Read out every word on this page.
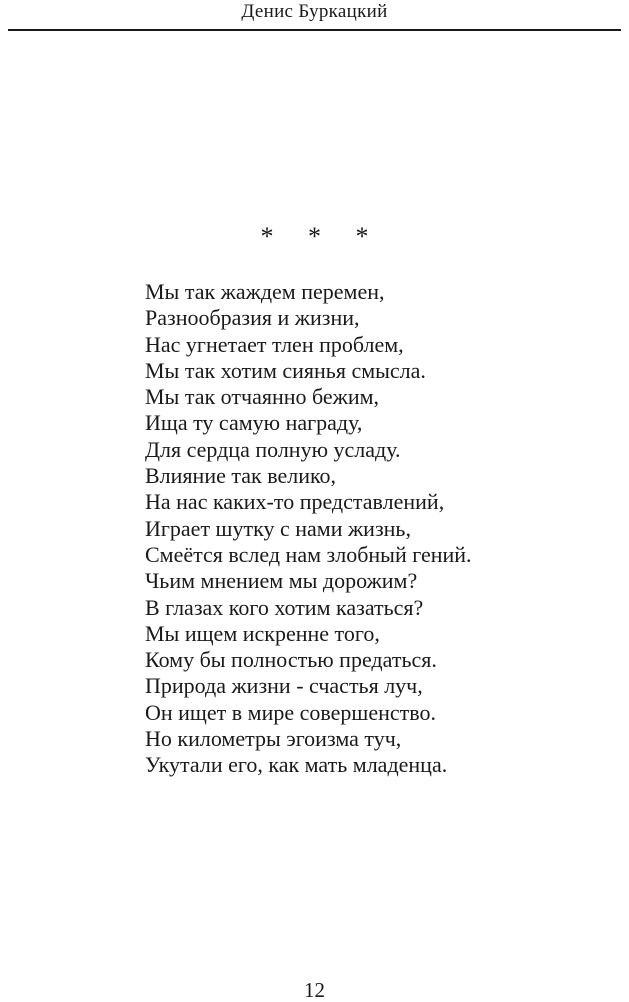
Денис Буркацкий
* * *
Мы так жаждем перемен,
Разнообразия и жизни,
Нас угнетает тлен проблем,
Мы так хотим сиянья смысла.
Мы так отчаянно бежим,
Ища ту самую награду,
Для сердца полную усладу.
Влияние так велико,
На нас каких-то представлений,
Играет шутку с нами жизнь,
Смеётся вслед нам злобный гений.
Чьим мнением мы дорожим?
В глазах кого хотим казаться?
Мы ищем искренне того,
Кому бы полностью предаться.
Природа жизни - счастья луч,
Он ищет в мире совершенство.
Но километры эгоизма туч,
Укутали его, как мать младенца.
12
